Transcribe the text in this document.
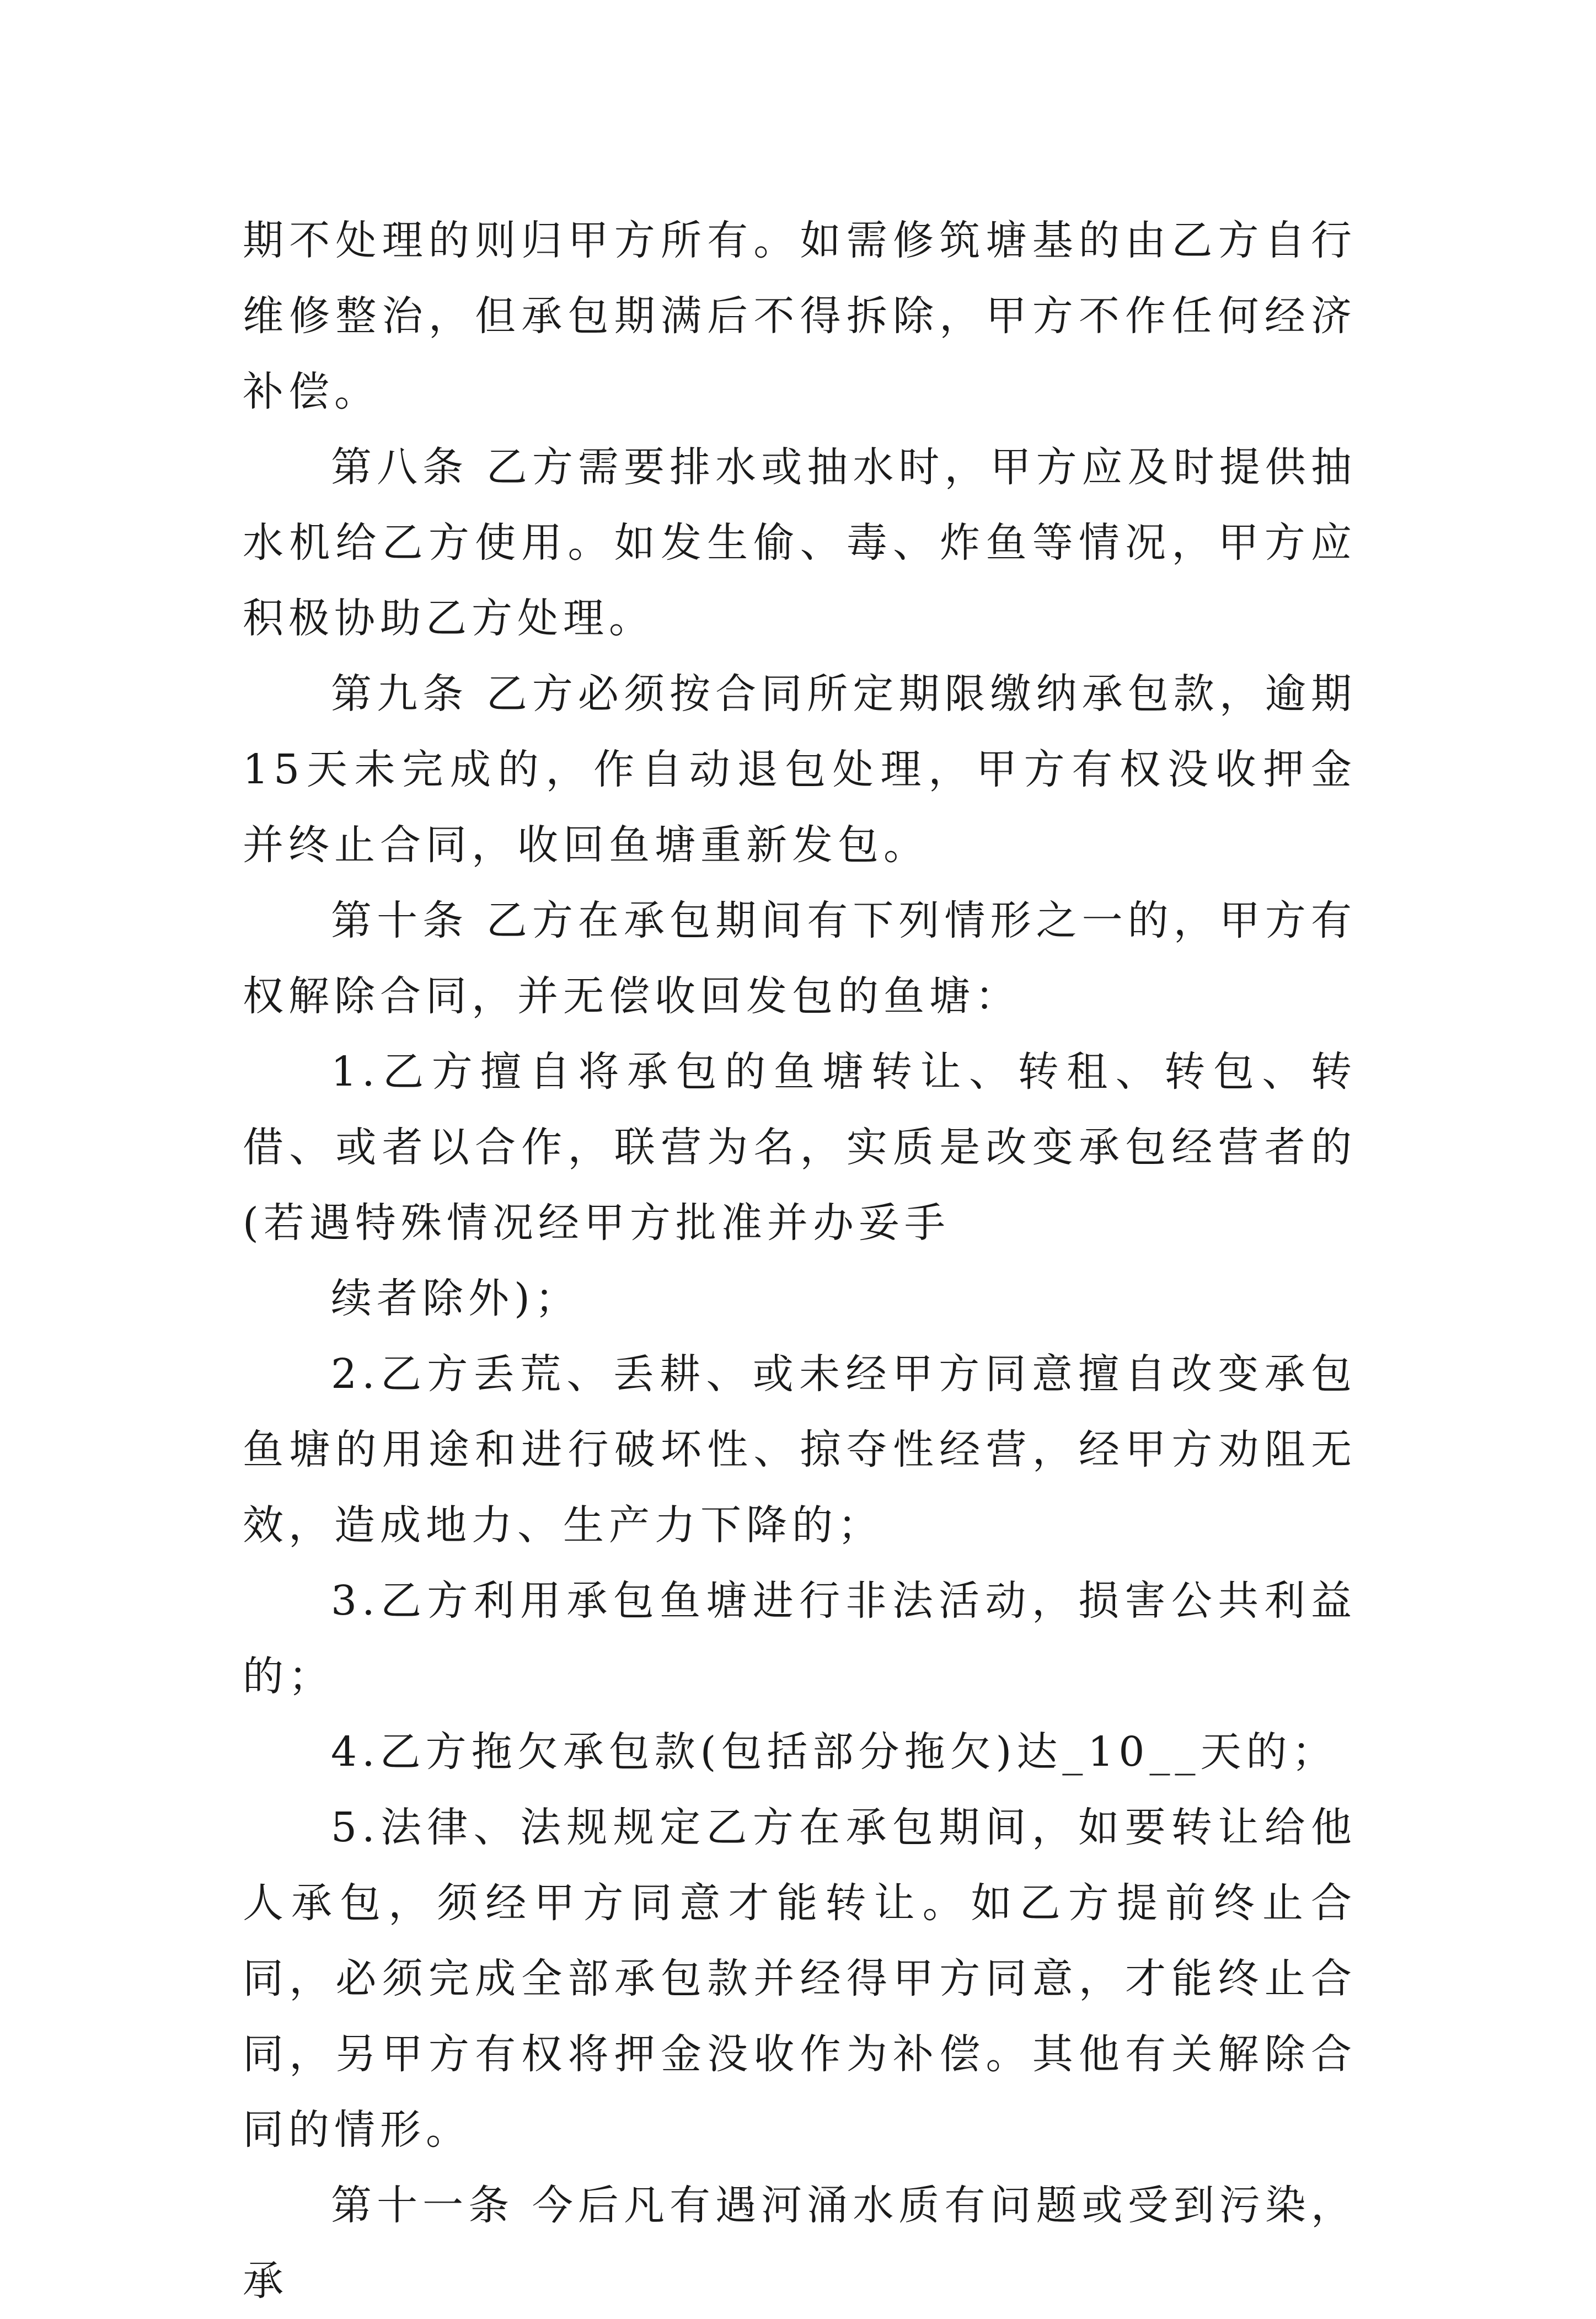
期不处理的则归甲方所有。如需修筑塘基的由乙方自行维修整治，但承包期满后不得拆除，甲方不作任何经济补偿。

第八条 乙方需要排水或抽水时，甲方应及时提供抽水机给乙方使用。如发生偷、毒、炸鱼等情况，甲方应积极协助乙方处理。

第九条 乙方必须按合同所定期限缴纳承包款，逾期15天未完成的，作自动退包处理，甲方有权没收押金并终止合同，收回鱼塘重新发包。

第十条 乙方在承包期间有下列情形之一的，甲方有权解除合同，并无偿收回发包的鱼塘：

1.乙方擅自将承包的鱼塘转让、转租、转包、转借、或者以合作，联营为名，实质是改变承包经营者的(若遇特殊情况经甲方批准并办妥手

续者除外)；

2.乙方丢荒、丢耕、或未经甲方同意擅自改变承包鱼塘的用途和进行破坏性、掠夺性经营，经甲方劝阻无效，造成地力、生产力下降的；

3.乙方利用承包鱼塘进行非法活动，损害公共利益的；

4.乙方拖欠承包款(包括部分拖欠)达_10__天的；

5.法律、法规规定乙方在承包期间，如要转让给他人承包，须经甲方同意才能转让。如乙方提前终止合同，必须完成全部承包款并经得甲方同意，才能终止合同，另甲方有权将押金没收作为补偿。其他有关解除合同的情形。

第十一条 今后凡有遇河涌水质有问题或受到污染，承
